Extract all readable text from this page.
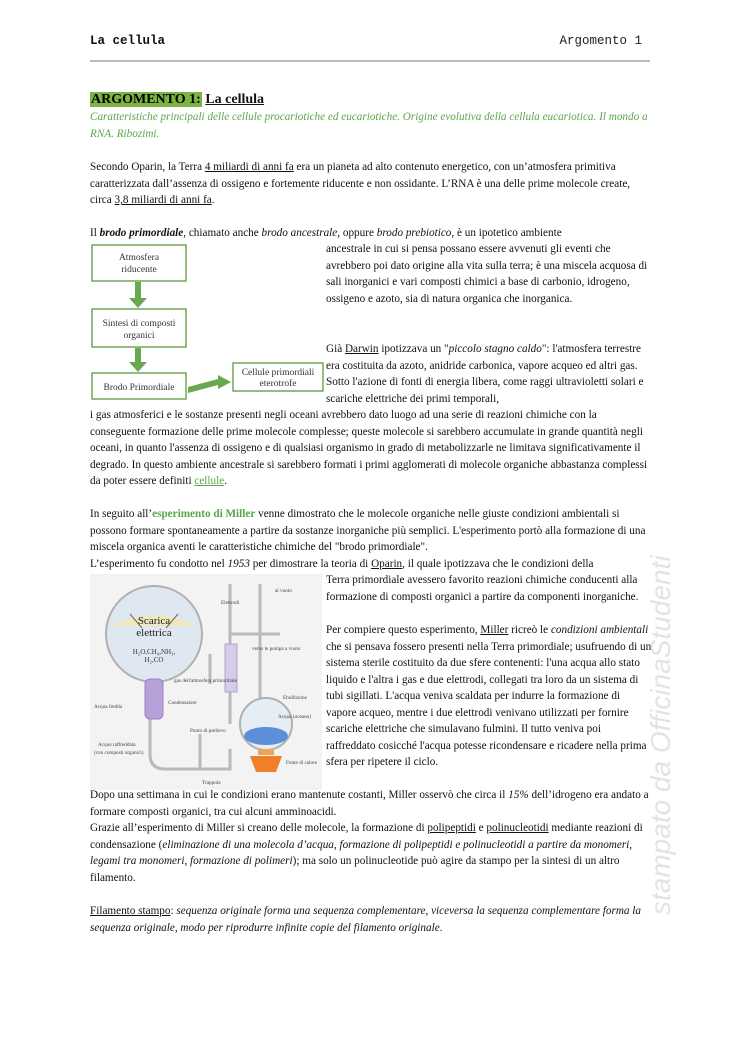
La cellula	Argomento 1
ARGOMENTO 1: La cellula
Caratteristiche principali delle cellule procariotiche ed eucariotiche. Origine evolutiva della cellula eucariotica. Il mondo a RNA. Ribozimi.
Secondo Oparin, la Terra 4 miliardi di anni fa era un pianeta ad alto contenuto energetico, con un’atmosfera primitiva caratterizzata dall’assenza di ossigeno e fortemente riducente e non ossidante. L’RNA è una delle prime molecole create, circa 3,8 miliardi di anni fa.
Il brodo primordiale, chiamato anche brodo ancestrale, oppure brodo prebiotico, è un ipotetico ambiente
ancestrale in cui si pensa possano essere avvenuti gli eventi che avrebbero poi dato origine alla vita sulla terra; è una miscela acquosa di sali inorganici e vari composti chimici a base di carbonio, idrogeno, ossigeno e azoto, sia di natura organica che inorganica.
Atmosfera
riducente
Sintesi di composti
organici
Brodo Primordiale
Cellule primordiali
eterotrofe
Già Darwin ipotizzava un "piccolo stagno caldo": l'atmosfera terrestre era costituita da azoto, anidride carbonica, vapore acqueo ed altri gas. Sotto l'azione di fonti di energia libera, come raggi ultravioletti solari e scariche elettriche dei primi temporali,
i gas atmosferici e le sostanze presenti negli oceani avrebbero dato luogo ad una serie di reazioni chimiche con la conseguente formazione delle prime molecole complesse; queste molecole si sarebbero accumulate in grande quantità negli oceani, in quanto l'assenza di ossigeno e di qualsiasi organismo in grado di metabolizzarle ne limitava significativamente il degrado. In questo ambiente ancestrale si sarebbero formati i primi agglomerati di molecole organiche abbastanza complessi da poter essere definiti cellule.
In seguito all’esperimento di Miller venne dimostrato che le molecole organiche nelle giuste condizioni ambientali si possono formare spontaneamente a partire da sostanze inorganiche più semplici. L'esperimento portò alla formazione di una miscela organica aventi le caratteristiche chimiche del "brodo primordiale".
L’esperimento fu condotto nel 1953 per dimostrare la teoria di Oparin, il quale ipotizzava che le condizioni della
Terra primordiale avessero favorito reazioni chimiche conducenti alla formazione di composti organici a partire da componenti inorganiche.
Per compiere questo esperimento, Miller ricreò le condizioni ambientali che si pensava fossero presenti nella Terra primordiale; usufruendo di un sistema sterile costituito da due sfere contenenti: l'una acqua allo stato liquido e l'altra i gas e due elettrodi, collegati tra loro da un sistema di tubi sigillati. L'acqua veniva scaldata per indurre la formazione di vapore acqueo, mentre i due elettrodi venivano utilizzati per fornire scariche elettriche che simulavano fulmini. Il tutto veniva poi raffreddato cosicché l'acqua potesse ricondensare e ricadere nella prima sfera per ripetere il ciclo.
Scarica
elettrica
H₂O,CH₄,NH₃,
H₂,CO
Elettrodi
al vuoto
gas dell'atmosfera primordiale
verso le pompa a vuoto
Condensatore
Acqua fredda
Ebollizione
Acqua (oceano)
Fonte di calore
Acqua raffreddata
(con composti organici)
Punto di prelievo
Trappola
Dopo una settimana in cui le condizioni erano mantenute costanti, Miller osservò che circa il 15% dell’idrogeno era andato a formare composti organici, tra cui alcuni amminoacidi.
Grazie all’esperimento di Miller si creano delle molecole, la formazione di polipeptidi e polinucleotidi mediante reazioni di condensazione (eliminazione di una molecola d’acqua, formazione di polipeptidi e polinucleotidi a partire da monomeri, legami tra monomeri, formazione di polimeri); ma solo un polinucleotide può agire da stampo per la sintesi di un altro filamento.
Filamento stampo: sequenza originale forma una sequenza complementare, viceversa la sequenza complementare forma la sequenza originale, modo per riprodurre infinite copie del filamento originale.
stampato da OfficinaStudenti
